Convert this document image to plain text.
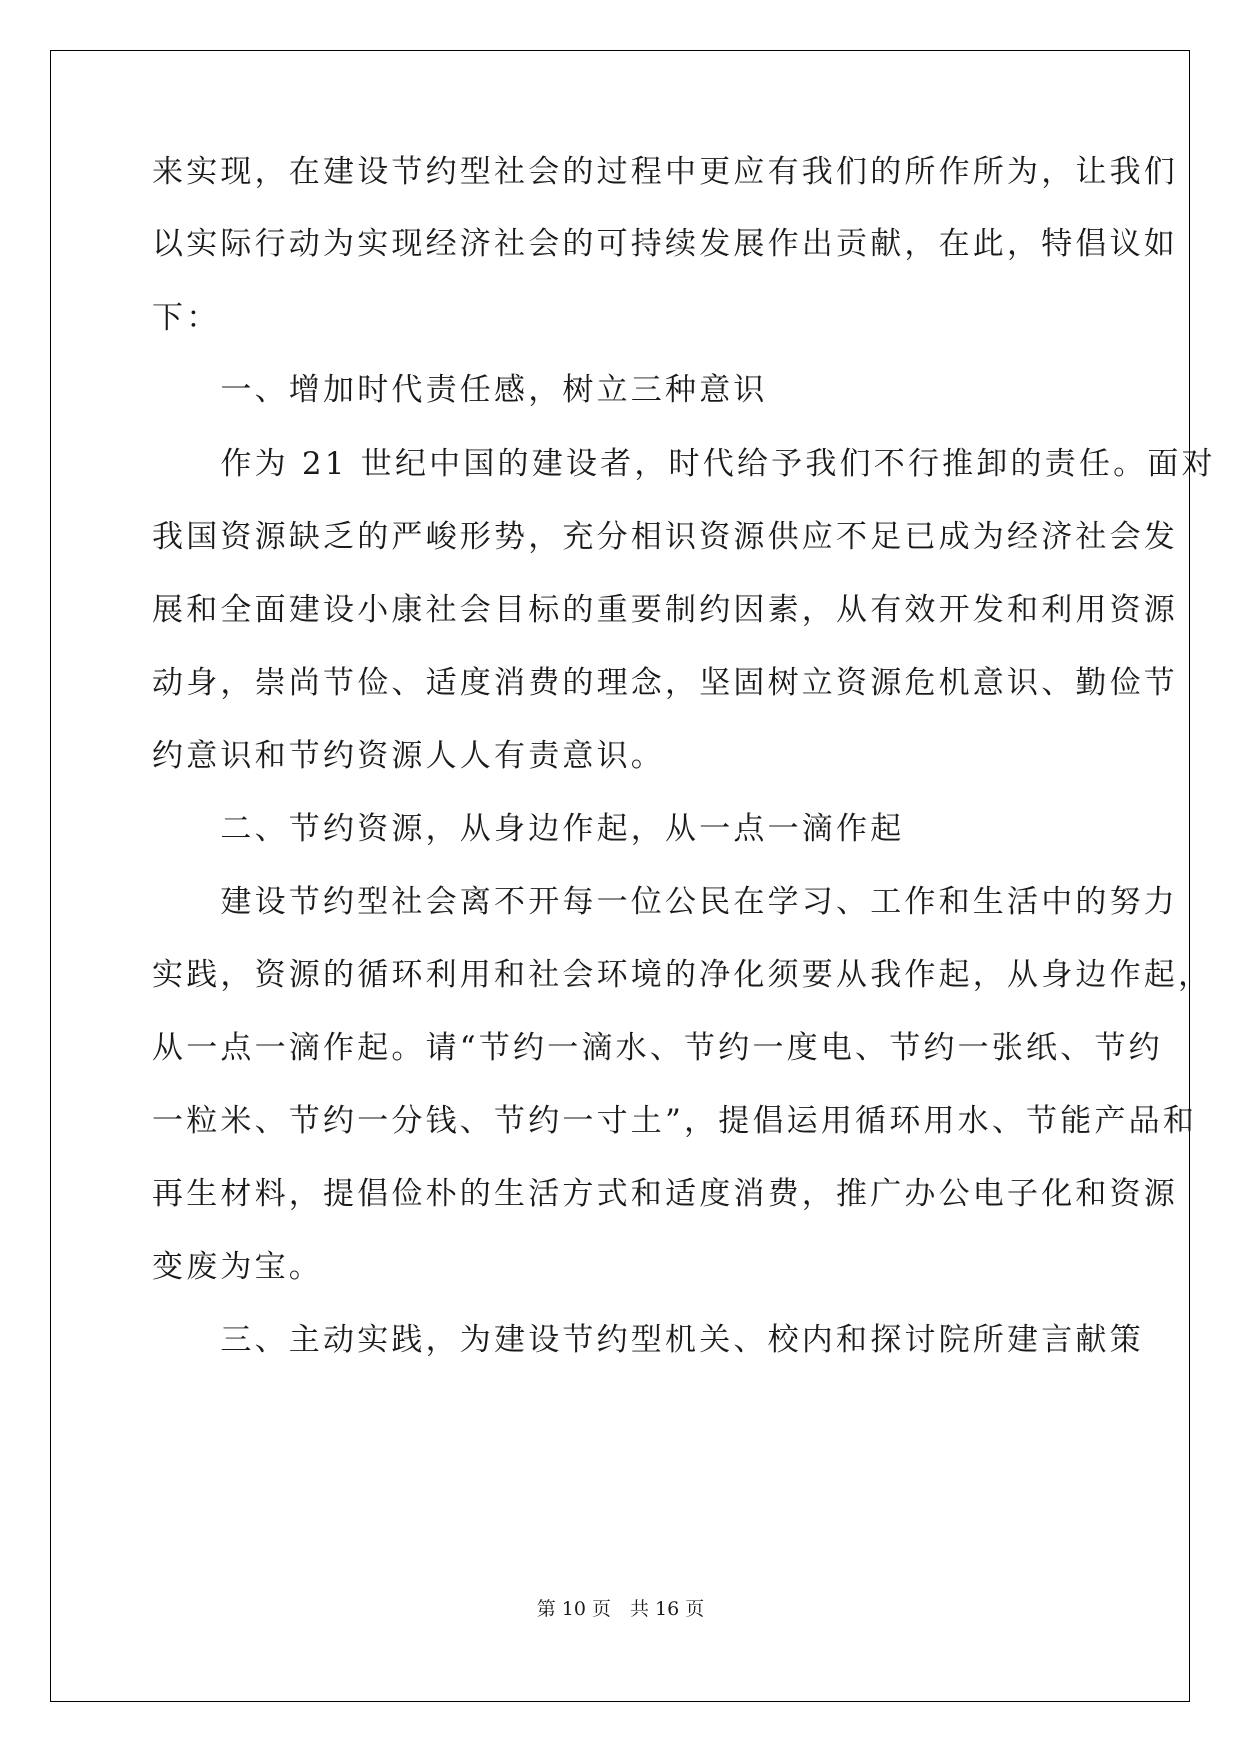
来实现，在建设节约型社会的过程中更应有我们的所作所为，让我们
以实际行动为实现经济社会的可持续发展作出贡献，在此，特倡议如
下：
　　一、增加时代责任感，树立三种意识
　　作为 21 世纪中国的建设者，时代给予我们不行推卸的责任。面对
我国资源缺乏的严峻形势，充分相识资源供应不足已成为经济社会发
展和全面建设小康社会目标的重要制约因素，从有效开发和利用资源
动身，崇尚节俭、适度消费的理念，坚固树立资源危机意识、勤俭节
约意识和节约资源人人有责意识。
　　二、节约资源，从身边作起，从一点一滴作起
　　建设节约型社会离不开每一位公民在学习、工作和生活中的努力
实践，资源的循环利用和社会环境的净化须要从我作起，从身边作起，
从一点一滴作起。请“节约一滴水、节约一度电、节约一张纸、节约
一粒米、节约一分钱、节约一寸土”，提倡运用循环用水、节能产品和
再生材料，提倡俭朴的生活方式和适度消费，推广办公电子化和资源
变废为宝。
　　三、主动实践，为建设节约型机关、校内和探讨院所建言献策
第 10 页　共 16 页
